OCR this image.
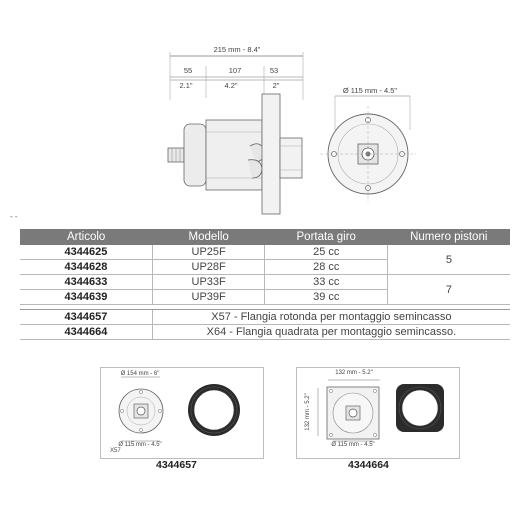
215 mm - 8.4"
55	107	53
2.1"	4.2"	2"
Ø 115 mm - 4.5"
Ø 154 mm - 6"
Ø 115 mm - 4.5"
X57
132 mm - 5.2"
132 mm - 5.2"
Ø 115 mm - 4.5"
- -
Articolo	Modello	Portata giro	Numero pistoni
4344625	UP25F	25 cc	5
4344628	UP28F	28 cc	
4344633	UP33F	33 cc	7
4344639	UP39F	39 cc	

4344657	X57 - Flangia rotonda per montaggio semincasso		
4344664	X64 - Flangia quadrata per montaggio semincasso.		
4344657	4344664
